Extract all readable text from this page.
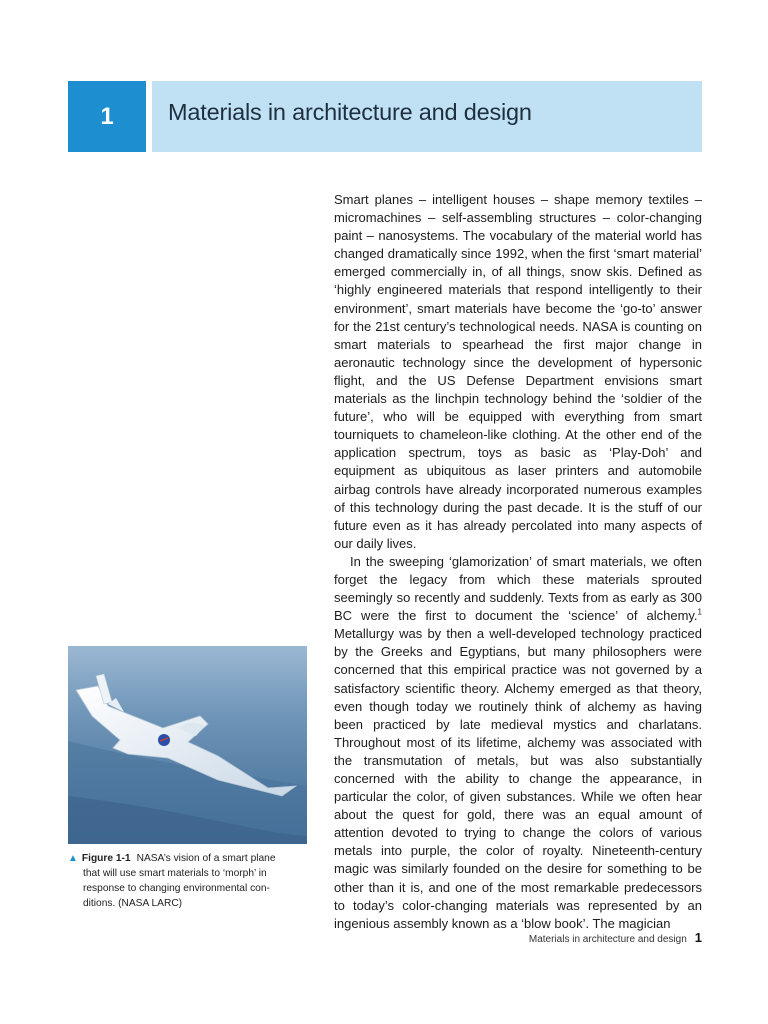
1 Materials in architecture and design

Smart planes – intelligent houses – shape memory textiles – micromachines – self-assembling structures – color-changing paint – nanosystems. The vocabulary of the material world has changed dramatically since 1992, when the first ‘smart material’ emerged commercially in, of all things, snow skis. Defined as ‘highly engineered materials that respond intelligently to their environment’, smart materials have become the ‘go-to’ answer for the 21st century’s technological needs. NASA is counting on smart materials to spearhead the first major change in aeronautic technology since the development of hypersonic flight, and the US Defense Department envisions smart materials as the linchpin technology behind the ‘soldier of the future’, who will be equipped with everything from smart tourniquets to chameleon-like clothing. At the other end of the application spectrum, toys as basic as ‘Play-Doh’ and equipment as ubiquitous as laser printers and automobile airbag controls have already incorporated numerous examples of this technology during the past decade. It is the stuff of our future even as it has already percolated into many aspects of our daily lives.

In the sweeping ‘glamorization’ of smart materials, we often forget the legacy from which these materials sprouted seemingly so recently and suddenly. Texts from as early as 300 BC were the first to document the ‘science’ of alchemy.$^1$ Metallurgy was by then a well-developed technology practiced by the Greeks and Egyptians, but many philosophers were concerned that this empirical practice was not governed by a satisfactory scientific theory. Alchemy emerged as that theory, even though today we routinely think of alchemy as having been practiced by late medieval mystics and charlatans. Throughout most of its lifetime, alchemy was associated with the transmutation of metals, but was also substantially concerned with the ability to change the appearance, in particular the color, of given substances. While we often hear about the quest for gold, there was an equal amount of attention devoted to trying to change the colors of various metals into purple, the color of royalty. Nineteenth-century magic was similarly founded on the desire for something to be other than it is, and one of the most remarkable predecessors to today’s color-changing materials was represented by an ingenious assembly known as a ‘blow book’. The magician

▲ Figure 1-1 NASA’s vision of a smart plane
that will use smart materials to ‘morph’ in
response to changing environmental con-
ditions. (NASA LARC)
Materials in architecture and design 1
